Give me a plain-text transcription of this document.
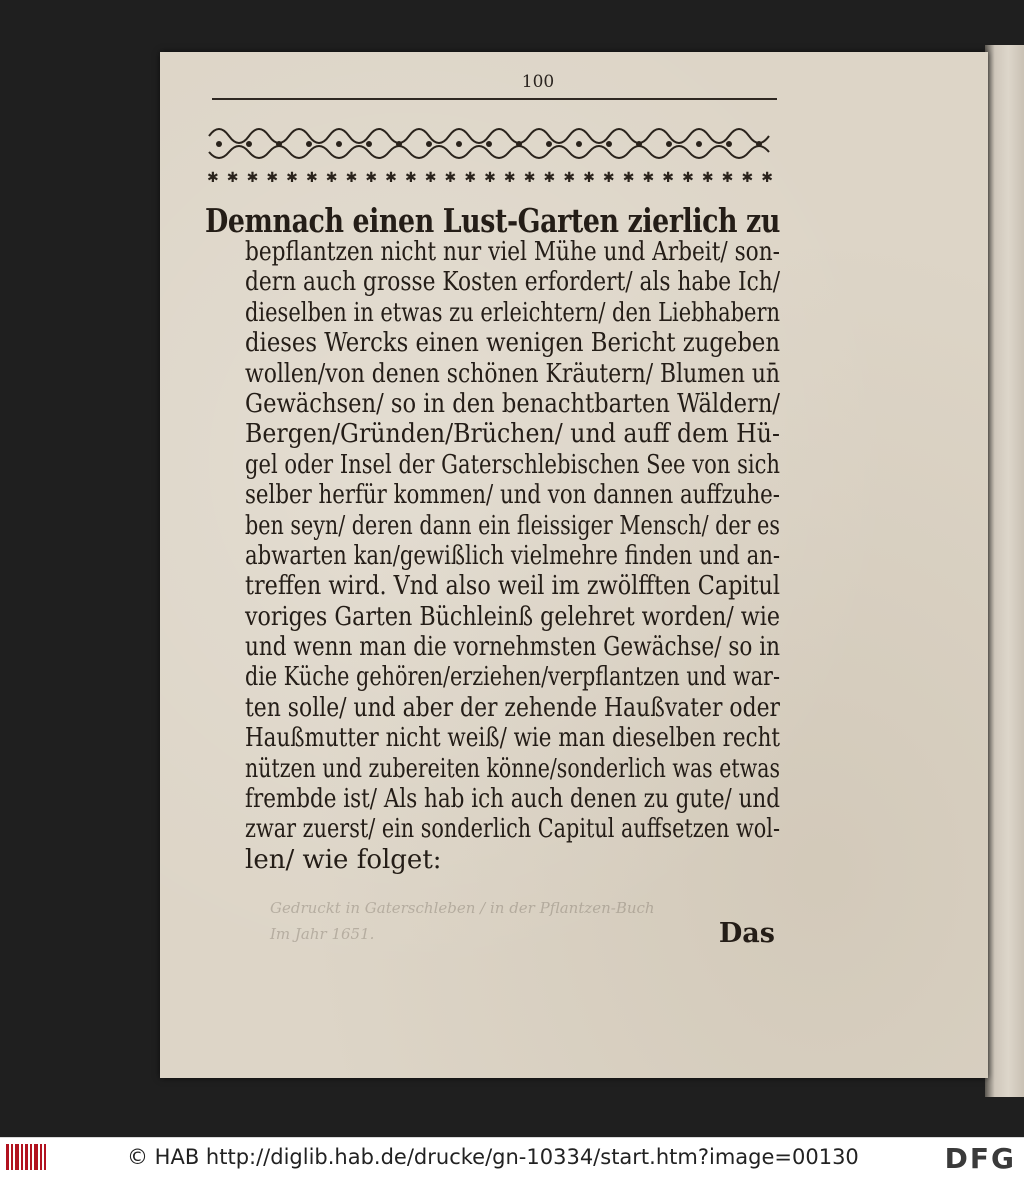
100
✱ ✱ ✱ ✱ ✱ ✱ ✱ ✱ ✱ ✱ ✱ ✱ ✱ ✱ ✱ ✱ ✱ ✱ ✱ ✱ ✱ ✱ ✱ ✱ ✱ ✱ ✱ ✱ ✱
Demnach einen Lust-Garten zierlich zu
bepflantzen nicht nur viel Mühe und Arbeit/ son-
dern auch grosse Kosten erfordert/ als habe Ich/
dieselben in etwas zu erleichtern/ den Liebhabern
dieses Wercks einen wenigen Bericht zugeben
wollen/von denen schönen Kräutern/ Blumen un̄
Gewächsen/ so in den benachtbarten Wäldern/
Bergen/Gründen/Brüchen/ und auff dem Hü-
gel oder Insel der Gaterschlebischen See von sich
selber herfür kommen/ und von dannen auffzuhe-
ben seyn/ deren dann ein fleissiger Mensch/ der es
abwarten kan/gewißlich vielmehre finden und an-
treffen wird. Vnd also weil im zwölfften Capitul
voriges Garten Büchleinß gelehret worden/ wie
und wenn man die vornehmsten Gewächse/ so in
die Küche gehören/erziehen/verpflantzen und war-
ten solle/ und aber der zehende Haußvater oder
Haußmutter nicht weiß/ wie man dieselben recht
nützen und zubereiten könne/sonderlich was etwas
frembde ist/ Als hab ich auch denen zu gute/ und
zwar zuerst/ ein sonderlich Capitul auffsetzen wol-
len/ wie folget:
Gedruckt in Gaterschleben / in der Pflantzen-Buch
Im Jahr 1651.	Das
© HAB http://diglib.hab.de/drucke/gn-10334/start.htm?image=00130	DFG
